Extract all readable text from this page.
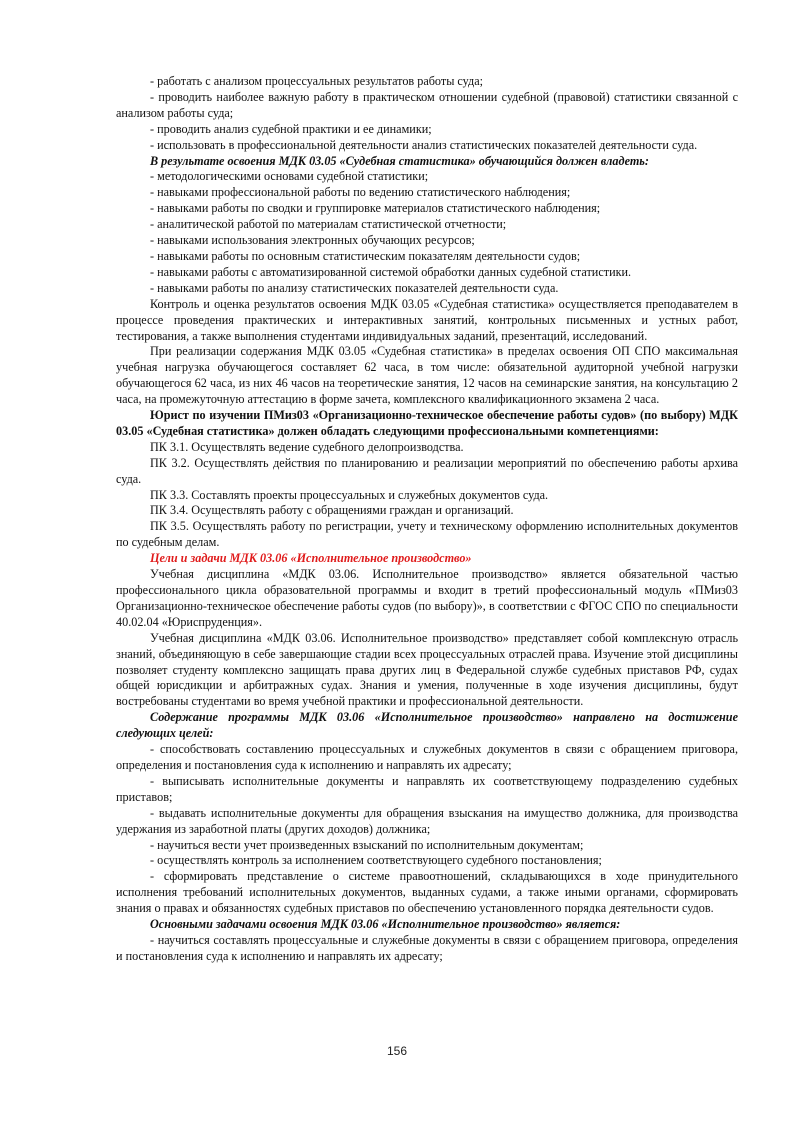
- работать с анализом процессуальных результатов работы суда;

- проводить наиболее важную работу в практическом отношении судебной (правовой) статистики связанной с анализом работы суда;

- проводить анализ судебной практики и ее динамики;

- использовать в профессиональной деятельности анализ статистических показателей деятельности суда.

В результате освоения МДК 03.05 «Судебная статистика» обучающийся должен владеть:

- методологическими основами судебной статистики;

- навыками профессиональной работы по ведению статистического наблюдения;

- навыками работы по сводки и группировке материалов статистического наблюдения;

- аналитической работой по материалам статистической отчетности;

- навыками использования электронных обучающих ресурсов;

- навыками работы по основным статистическим показателям деятельности судов;

- навыками работы с автоматизированной системой обработки данных судебной статистики.

- навыками работы по анализу статистических показателей деятельности суда.

Контроль и оценка результатов освоения МДК 03.05 «Судебная статистика» осуществляется преподавателем в процессе проведения практических и интерактивных занятий, контрольных письменных и устных работ, тестирования, а также выполнения студентами индивидуальных заданий, презентаций, исследований.

При реализации содержания МДК 03.05 «Судебная статистика» в пределах освоения ОП СПО максимальная учебная нагрузка обучающегося составляет 62 часа, в том числе: обязательной аудиторной учебной нагрузки обучающегося 62 часа, из них 46 часов на теоретические занятия, 12 часов на семинарские занятия, на консультацию 2 часа, на промежуточную аттестацию в форме зачета, комплексного квалификационного экзамена 2 часа.

Юрист по изучении ПМиз03 «Организационно-техническое обеспечение работы судов» (по выбору) МДК 03.05 «Судебная статистика» должен обладать следующими профессиональными компетенциями:

ПК 3.1. Осуществлять ведение судебного делопроизводства.

ПК 3.2. Осуществлять действия по планированию и реализации мероприятий по обеспечению работы архива суда.

ПК 3.3. Составлять проекты процессуальных и служебных документов суда.

ПК 3.4. Осуществлять работу с обращениями граждан и организаций.

ПК 3.5. Осуществлять работу по регистрации, учету и техническому оформлению исполнительных документов по судебным делам.

Цели и задачи МДК 03.06 «Исполнительное производство»

Учебная дисциплина «МДК 03.06. Исполнительное производство» является обязательной частью профессионального цикла образовательной программы и входит в третий профессиональный модуль «ПМиз03 Организационно-техническое обеспечение работы судов (по выбору)», в соответствии с ФГОС СПО по специальности 40.02.04 «Юриспруденция».

Учебная дисциплина «МДК 03.06. Исполнительное производство» представляет собой комплексную отрасль знаний, объединяющую в себе завершающие стадии всех процессуальных отраслей права. Изучение этой дисциплины позволяет студенту комплексно защищать права других лиц в Федеральной службе судебных приставов РФ, судах общей юрисдикции и арбитражных судах. Знания и умения, полученные в ходе изучения дисциплины, будут востребованы студентами во время учебной практики и профессиональной деятельности.

Содержание программы МДК 03.06 «Исполнительное производство» направлено на достижение следующих целей:

- способствовать составлению процессуальных и служебных документов в связи с обращением приговора, определения и постановления суда к исполнению и направлять их адресату;

- выписывать исполнительные документы и направлять их соответствующему подразделению судебных приставов;

- выдавать исполнительные документы для обращения взыскания на имущество должника, для производства удержания из заработной платы (других доходов) должника;

- научиться вести учет произведенных взысканий по исполнительным документам;

- осуществлять контроль за исполнением соответствующего судебного постановления;

- сформировать представление о системе правоотношений, складывающихся в ходе принудительного исполнения требований исполнительных документов, выданных судами, а также иными органами, сформировать знания о правах и обязанностях судебных приставов по обеспечению установленного порядка деятельности судов.

Основными задачами освоения МДК 03.06 «Исполнительное производство» является:

- научиться составлять процессуальные и служебные документы в связи с обращением приговора, определения и постановления суда к исполнению и направлять их адресату;

156
